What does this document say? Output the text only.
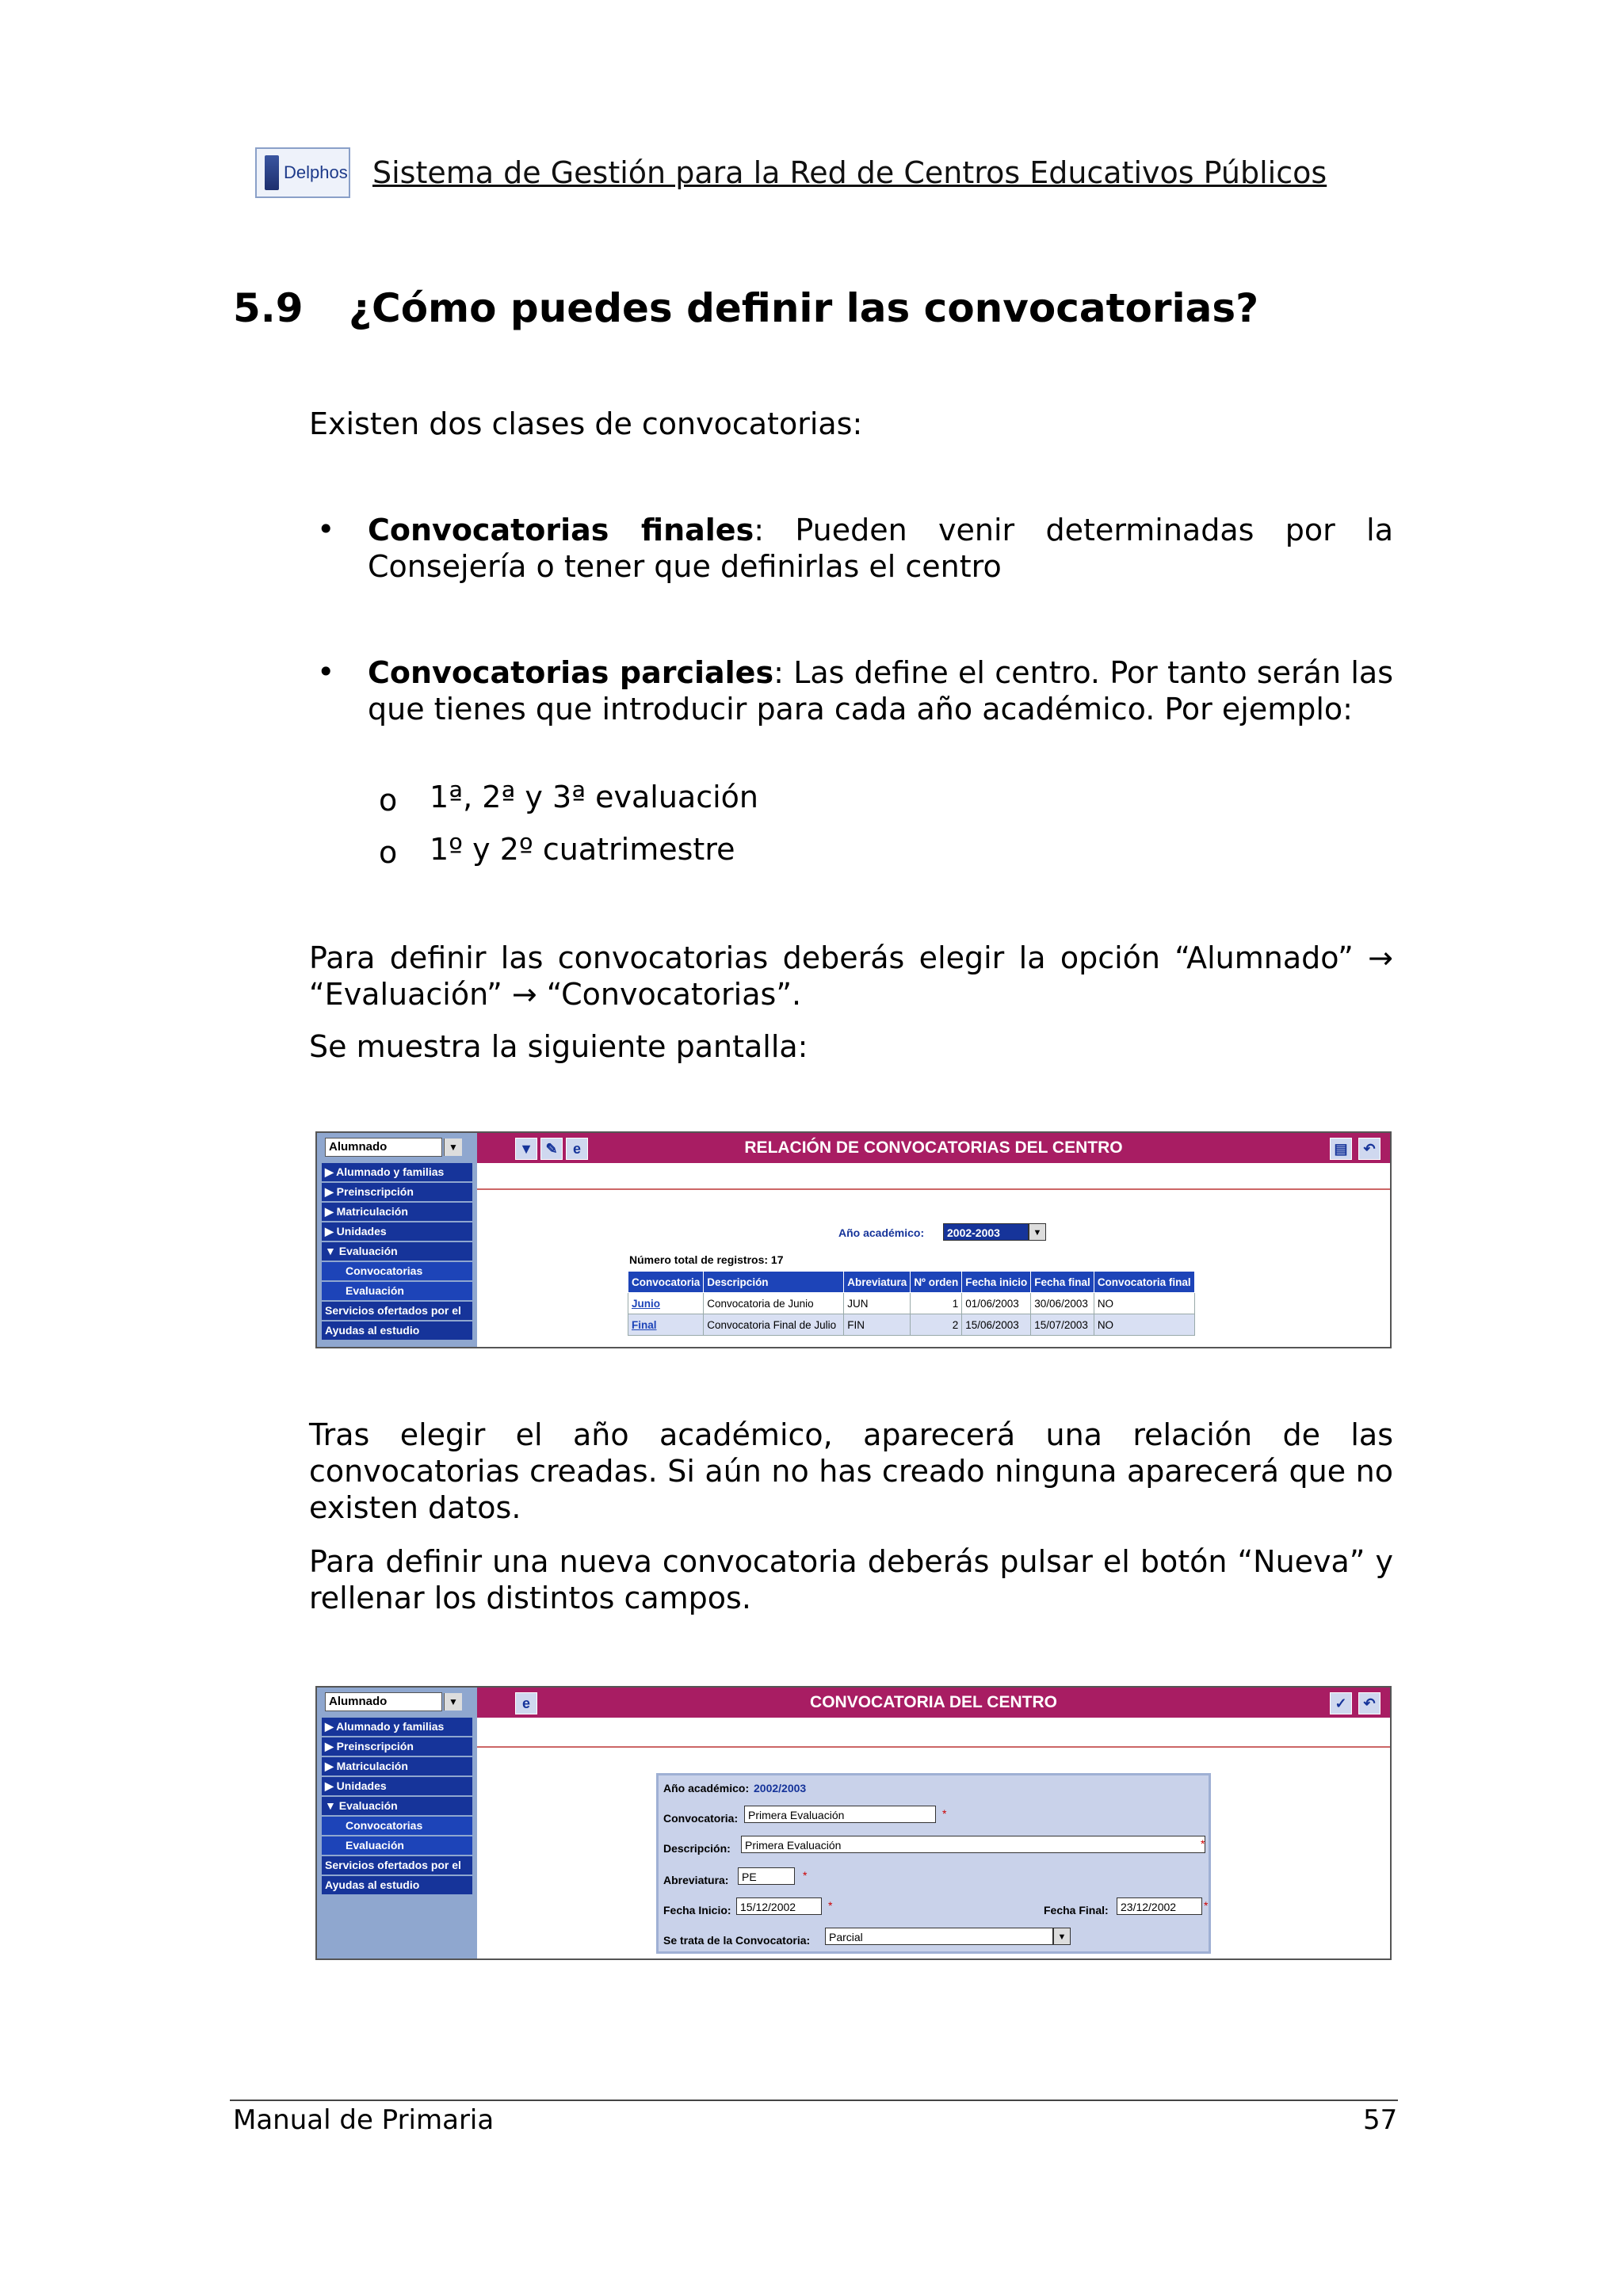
Delphos Sistema de Gestión para la Red de Centros Educativos Públicos
5.9 ¿Cómo puedes definir las convocatorias?

Existen dos clases de convocatorias:

• Convocatorias finales: Pueden venir determinadas por la Consejería o tener que definirlas el centro

• Convocatorias parciales: Las define el centro. Por tanto serán las que tienes que introducir para cada año académico. Por ejemplo:

o 1ª, 2ª y 3ª evaluación
o 1º y 2º cuatrimestre

Para definir las convocatorias deberás elegir la opción “Alumnado” → “Evaluación” → “Convocatorias”.

Se muestra la siguiente pantalla:

Alumnado	▼
▶ Alumnado y familias
▶ Preinscripción
▶ Matriculación
▶ Unidades
▼ Evaluación
Convocatorias
Evaluación
Servicios ofertados por el
Ayudas al estudio
▼ ✎	e	RELACIÓN DE CONVOCATORIAS DEL CENTRO	▤	↶
Año académico:	2002-2003	▼
Número total de registros: 17
Convocatoria	Descripción	Abreviatura	Nº orden	Fecha inicio	Fecha final	Convocatoria final
Junio	Convocatoria de Junio	JUN	1	01/06/2003	30/06/2003	NO
Final	Convocatoria Final de Julio	FIN	2	15/06/2003	15/07/2003	NO

Tras elegir el año académico, aparecerá una relación de las convocatorias creadas. Si aún no has creado ninguna aparecerá que no existen datos.

Para definir una nueva convocatoria deberás pulsar el botón “Nueva” y rellenar los distintos campos.

Alumnado	▼
▶ Alumnado y familias
▶ Preinscripción
▶ Matriculación
▶ Unidades
▼ Evaluación
Convocatorias
Evaluación
Servicios ofertados por el
Ayudas al estudio
e	CONVOCATORIA DEL CENTRO	✓	↶
Año académico: 2002/2003
Convocatoria: Primera Evaluación	*
Descripción:	Primera Evaluación	*
Abreviatura:	PE	*
Fecha Inicio: 15/12/2002	*	Fecha Final:	23/12/2002	*
Se trata de la Convocatoria:	Parcial	▼
Manual de Primaria	57
